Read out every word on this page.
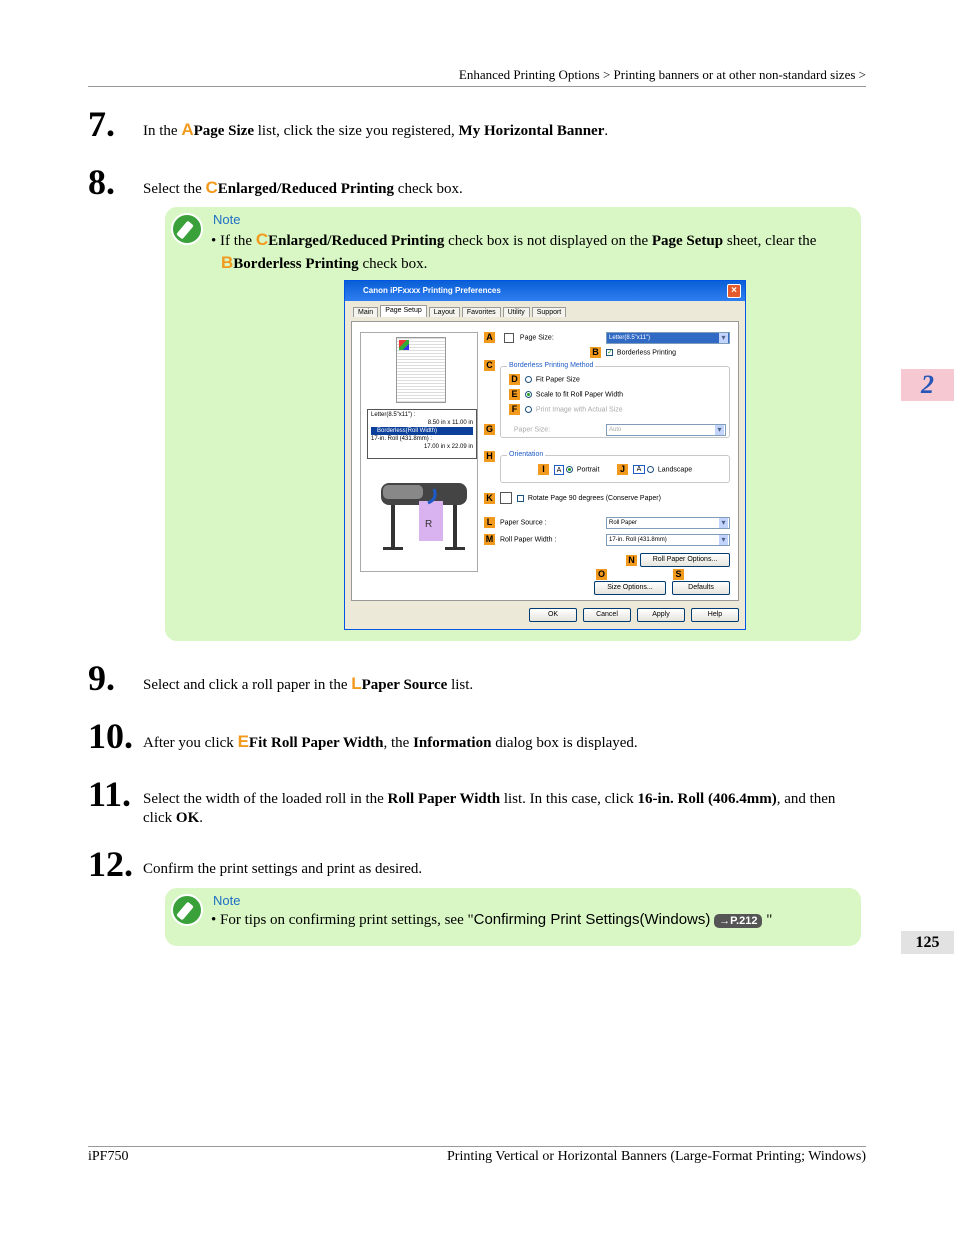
Enhanced Printing Options > Printing banners or at other non-standard sizes >
7. In the APage Size list, click the size you registered, My Horizontal Banner.
8. Select the CEnlarged/Reduced Printing check box.
Note
• If the CEnlarged/Reduced Printing check box is not displayed on the Page Setup sheet, clear the
BBorderless Printing check box.
Canon iPFxxxx Printing Preferences	×
Main	Page Setup	Layout	Favorites	Utility	Support
Letter(8.5"x11") :
8.50 in x 11.00 in
Borderless(Roll Width)
17-in. Roll (431.8mm) :
17.00 in x 22.09 in
R
A	Page Size:	Letter(8.5"x11") ▾
B ✓ Borderless Printing
C	Borderless Printing Method
D	Fit Paper Size
E	Scale to fit Roll Paper Width
F	Print Image with Actual Size
G	Paper Size:	Auto ▾
H	Orientation
I A Portrait	J A Landscape
K	Rotate Page 90 degrees (Conserve Paper)
L Paper Source :	Roll Paper ▾
M Roll Paper Width :	17-in. Roll (431.8mm) ▾
N	Roll Paper Options...
O	S
Size Options...	Defaults
OK	Cancel	Apply	Help
9. Select and click a roll paper in the LPaper Source list.
10. After you click EFit Roll Paper Width, the Information dialog box is displayed.
11. Select the width of the loaded roll in the Roll Paper Width list. In this case, click 16-in. Roll (406.4mm), and then click OK.
12. Confirm the print settings and print as desired.
Note
• For tips on confirming print settings, see "Confirming Print Settings(Windows) →P.212 "
2
125
iPF750	Printing Vertical or Horizontal Banners (Large-Format Printing; Windows)
